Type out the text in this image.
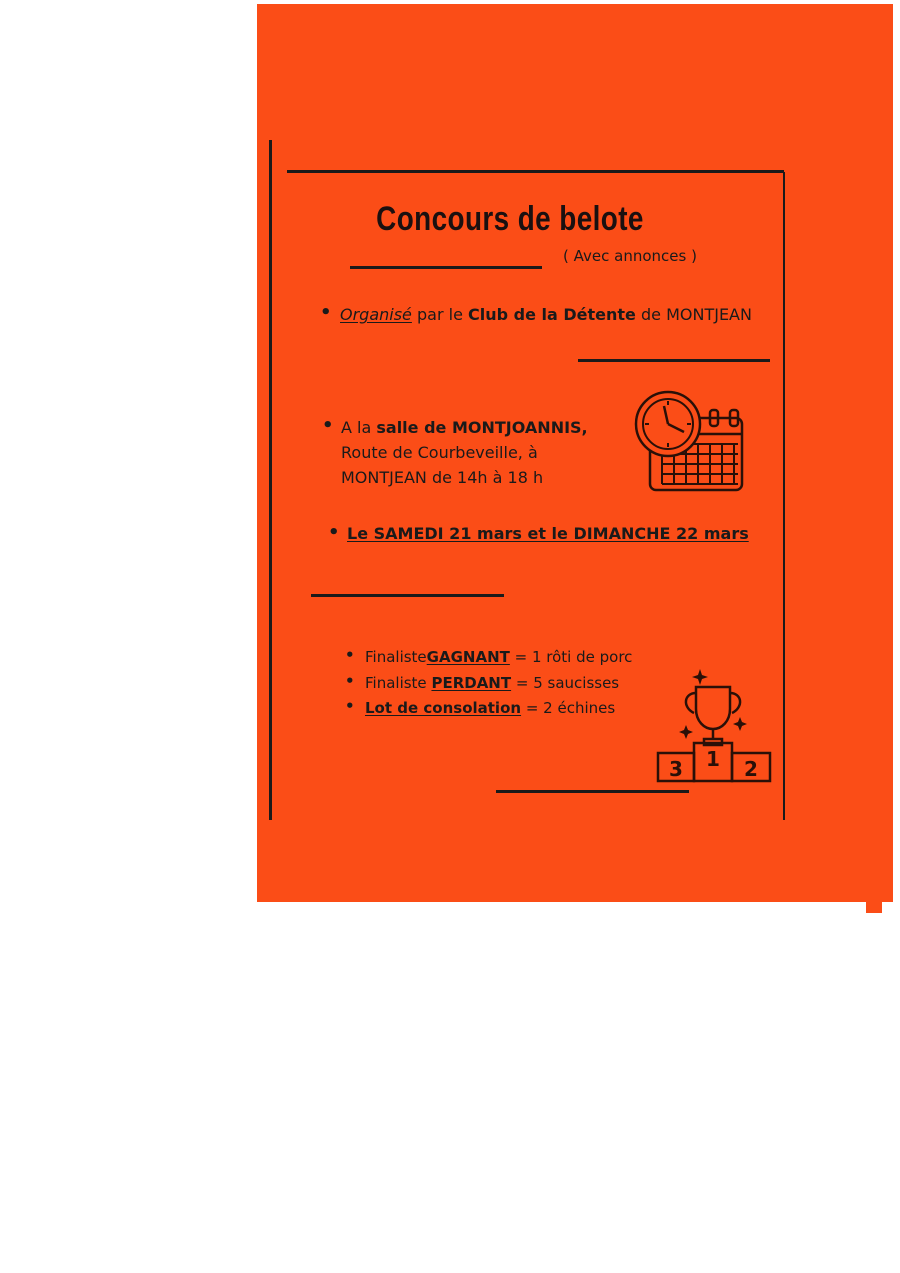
Concours de belote
( Avec annonces )
• Organisé par le Club de la Détente de MONTJEAN
• A la salle de MONTJOANNIS,
Route de Courbeveille, à
MONTJEAN de 14h à 18 h
• Le SAMEDI 21 mars et le DIMANCHE 22 mars
• FinalisteGAGNANT = 1 rôti de porc
• Finaliste PERDANT = 5 saucisses
• Lot de consolation = 2 échines
3 1 2
